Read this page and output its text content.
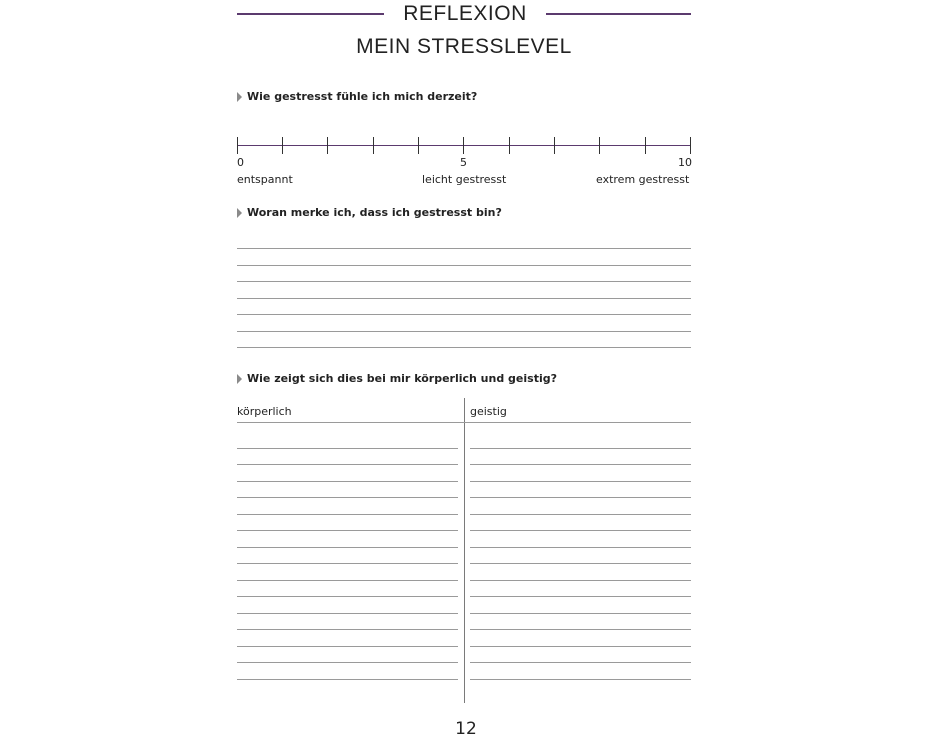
REFLEXION
MEIN STRESSLEVEL
Wie gestresst fühle ich mich derzeit?
0	5	10
entspannt	leicht gestresst	extrem gestresst
Woran merke ich, dass ich gestresst bin?
Wie zeigt sich dies bei mir körperlich und geistig?
körperlich	geistig
12
